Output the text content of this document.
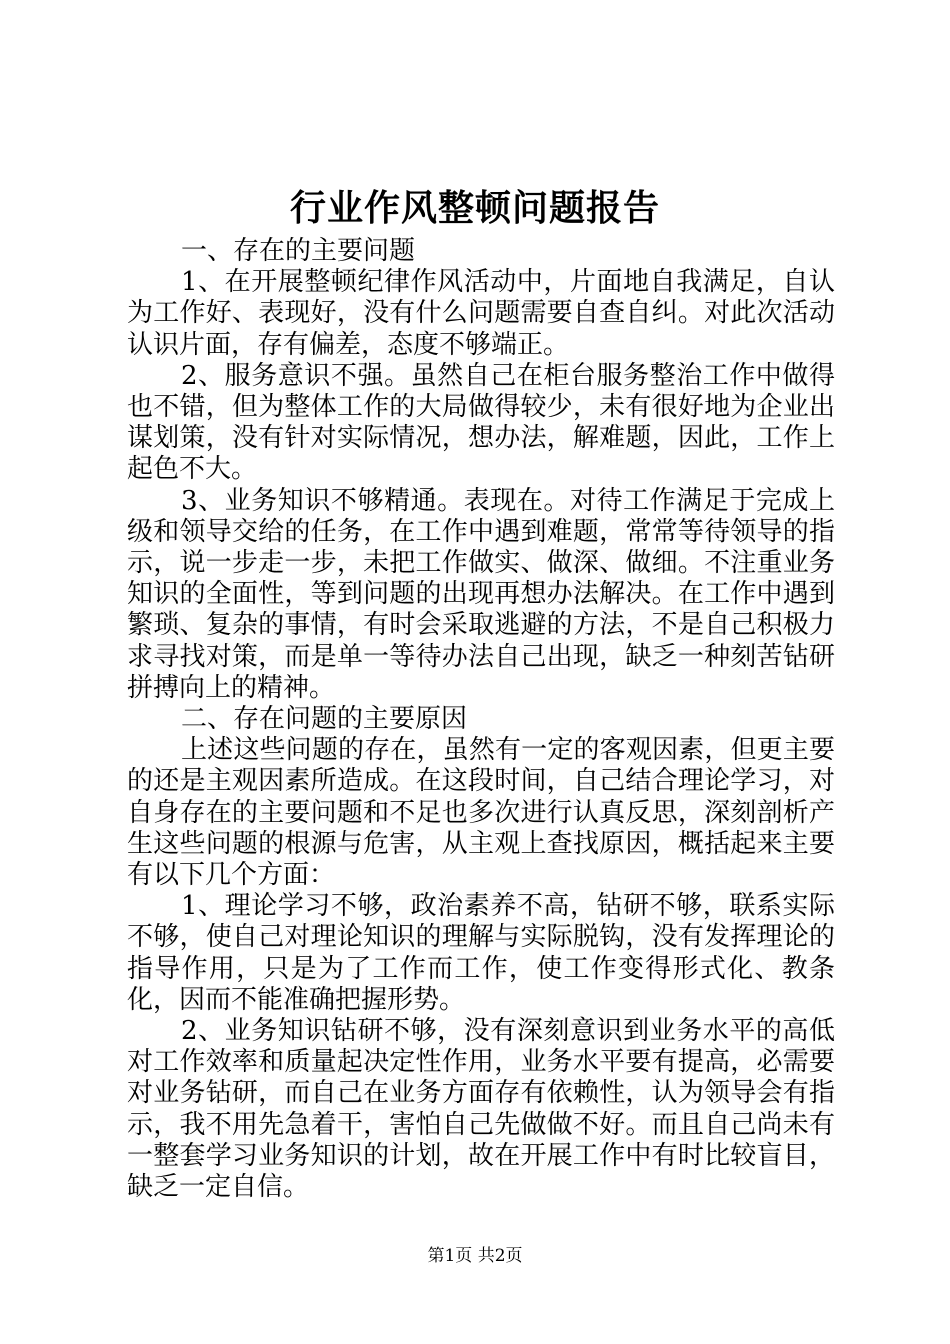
行业作风整顿问题报告

一、存在的主要问题

1、在开展整顿纪律作风活动中，片面地自我满足，自认为工作好、表现好，没有什么问题需要自查自纠。对此次活动认识片面，存有偏差，态度不够端正。

2、服务意识不强。虽然自己在柜台服务整治工作中做得也不错，但为整体工作的大局做得较少，未有很好地为企业出谋划策，没有针对实际情况，想办法，解难题，因此，工作上起色不大。

3、业务知识不够精通。表现在。对待工作满足于完成上级和领导交给的任务，在工作中遇到难题，常常等待领导的指示，说一步走一步，未把工作做实、做深、做细。不注重业务知识的全面性，等到问题的出现再想办法解决。在工作中遇到繁琐、复杂的事情，有时会采取逃避的方法，不是自己积极力求寻找对策，而是单一等待办法自己出现，缺乏一种刻苦钻研拼搏向上的精神。

二、存在问题的主要原因

上述这些问题的存在，虽然有一定的客观因素，但更主要的还是主观因素所造成。在这段时间，自己结合理论学习，对自身存在的主要问题和不足也多次进行认真反思，深刻剖析产生这些问题的根源与危害，从主观上查找原因，概括起来主要有以下几个方面：

1、理论学习不够，政治素养不高，钻研不够，联系实际不够，使自己对理论知识的理解与实际脱钩，没有发挥理论的指导作用，只是为了工作而工作，使工作变得形式化、教条化，因而不能准确把握形势。

2、业务知识钻研不够，没有深刻意识到业务水平的高低对工作效率和质量起决定性作用，业务水平要有提高，必需要对业务钻研，而自己在业务方面存有依赖性，认为领导会有指示，我不用先急着干，害怕自己先做做不好。而且自己尚未有一整套学习业务知识的计划，故在开展工作中有时比较盲目，缺乏一定自信。

第1页 共2页
